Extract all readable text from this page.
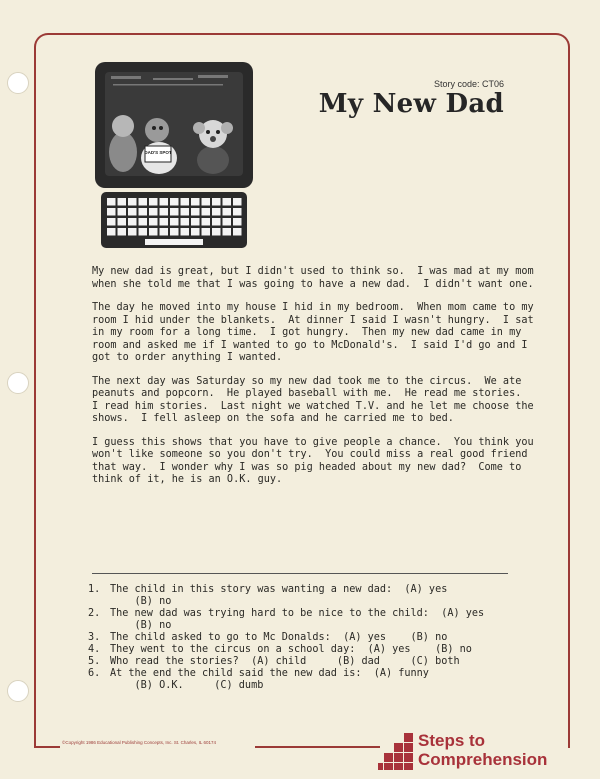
DAD'S SPOT
Story code: CT06
My New Dad

My new dad is great, but I didn't used to think so.  I was mad at my mom
when she told me that I was going to have a new dad.  I didn't want one.

The day he moved into my house I hid in my bedroom.  When mom came to my
room I hid under the blankets.  At dinner I said I wasn't hungry.  I sat
in my room for a long time.  I got hungry.  Then my new dad came in my
room and asked me if I wanted to go to McDonald's.  I said I'd go and I
got to order anything I wanted.

The next day was Saturday so my new dad took me to the circus.  We ate
peanuts and popcorn.  He played baseball with me.  He read me stories.
I read him stories.  Last night we watched T.V. and he let me choose the
shows.  I fell asleep on the sofa and he carried me to bed.

I guess this shows that you have to give people a chance.  You think you
won't like someone so you don't try.  You could miss a real good friend
that way.  I wonder why I was so pig headed about my new dad?  Come to
think of it, he is an O.K. guy.

1. The child in this story was wanting a new dad:  (A) yes
(B) no
2. The new dad was trying hard to be nice to the child:  (A) yes
(B) no
3. The child asked to go to Mc Donalds:  (A) yes    (B) no
4. They went to the circus on a school day:  (A) yes    (B) no
5. Who read the stories?  (A) child     (B) dad     (C) both
6. At the end the child said the new dad is:  (A) funny
(B) O.K.     (C) dumb
©Copyright 1986 Educational Publishing Concepts, Inc. St. Charles, IL 60174	Steps to
Comprehension
